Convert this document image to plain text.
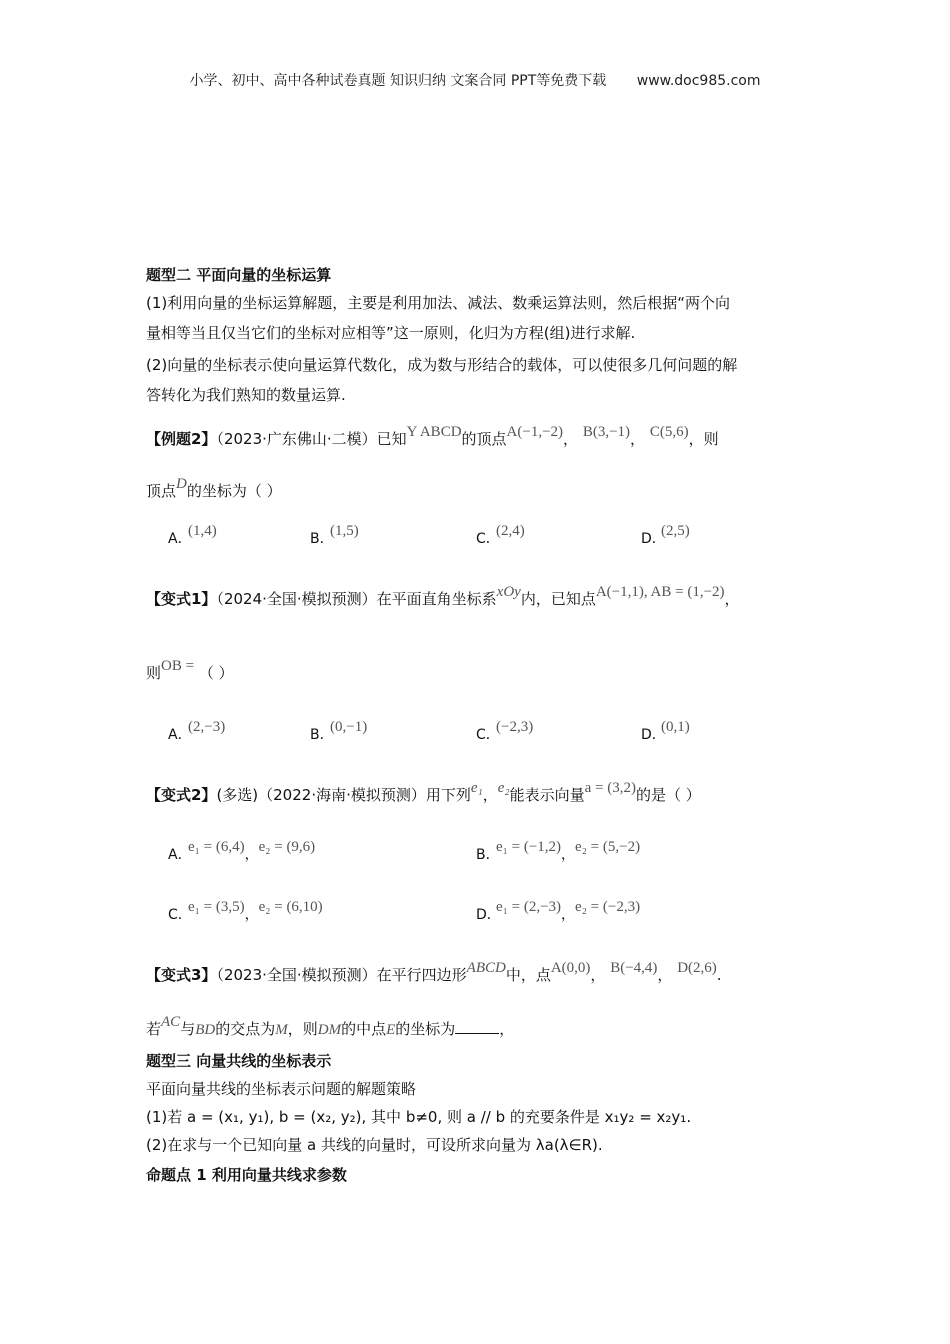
小学、初中、高中各种试卷真题 知识归纳 文案合同 PPT等免费下载 www.doc985.com
题型二 平面向量的坐标运算
(1)利用向量的坐标运算解题，主要是利用加法、减法、数乘运算法则，然后根据“两个向
量相等当且仅当它们的坐标对应相等”这一原则，化归为方程(组)进行求解.
(2)向量的坐标表示使向量运算代数化，成为数与形结合的载体，可以使很多几何问题的解
答转化为我们熟知的数量运算.
【例题2】（2023·广东佛山·二模）已知Y ABCD的顶点A(−1,−2)， B(3,−1)， C(5,6)，则
顶点D的坐标为（ ）
A．(1,4)	B．(1,5)	C．(2,4)	D．(2,5)
【变式1】（2024·全国·模拟预测）在平面直角坐标系xOy内，已知点A(−1,1), AB = (1,−2)，
则OB = （ ）
A．(2,−3)	B．(0,−1)	C．(−2,3)	D．(0,1)
【变式2】(多选)（2022·海南·模拟预测）用下列e₁，e₂能表示向量a = (3,2)的是（ ）
A．e₁ = (6,4)，e₂ = (9,6)	B．e₁ = (−1,2)，e₂ = (5,−2)
C．e₁ = (3,5)，e₂ = (6,10)	D．e₁ = (2,−3)，e₂ = (−2,3)
【变式3】（2023·全国·模拟预测）在平行四边形ABCD中，点A(0,0)， B(−4,4)， D(2,6).
若AC与BD的交点为M，则DM的中点E的坐标为	，
题型三 向量共线的坐标表示
平面向量共线的坐标表示问题的解题策略
(1)若 a = (x₁, y₁), b = (x₂, y₂), 其中 b≠0, 则 a // b 的充要条件是 x₁y₂ = x₂y₁.
(2)在求与一个已知向量 a 共线的向量时，可设所求向量为 λa(λ∈R).
命题点 1 利用向量共线求参数
